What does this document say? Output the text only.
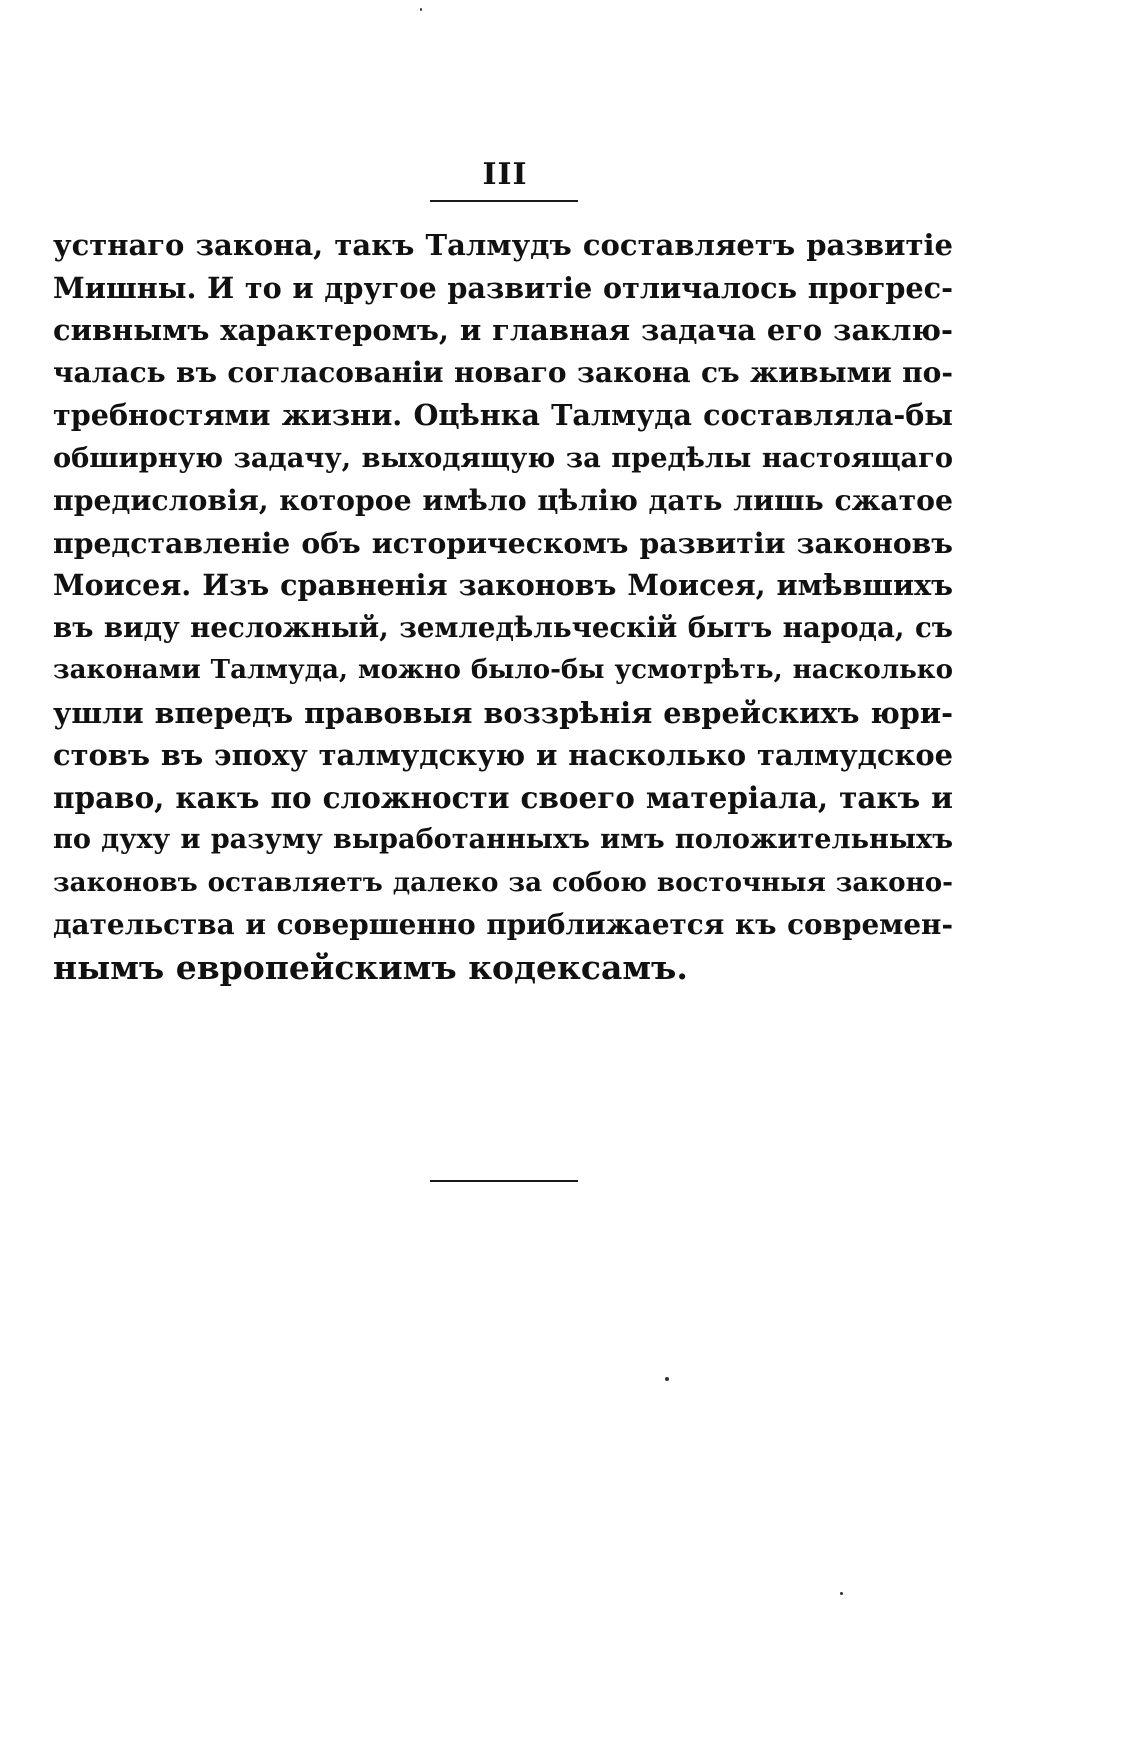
III
устнаго закона, такъ Талмудъ составляетъ развитіе
Мишны. И то и другое развитіе отличалось прогрес-
сивнымъ характеромъ, и главная задача его заклю-
чалась въ согласованіи новаго закона съ живыми по-
требностями жизни. Оцѣнка Талмуда составляла-бы
обширную задачу, выходящую за предѣлы настоящаго
предисловія, которое имѣло цѣлію дать лишь сжатое
представленіе объ историческомъ развитіи законовъ
Моисея. Изъ сравненія законовъ Моисея, имѣвшихъ
въ виду несложный, земледѣльческій бытъ народа, съ
законами Талмуда, можно было-бы усмотрѣть, насколько
ушли впередъ правовыя воззрѣнія еврейскихъ юри-
стовъ въ эпоху талмудскую и насколько талмудское
право, какъ по сложности своего матеріала, такъ и
по духу и разуму выработанныхъ имъ положительныхъ
законовъ оставляетъ далеко за собою восточныя законо-
дательства и совершенно приближается къ современ-
нымъ европейскимъ кодексамъ.
